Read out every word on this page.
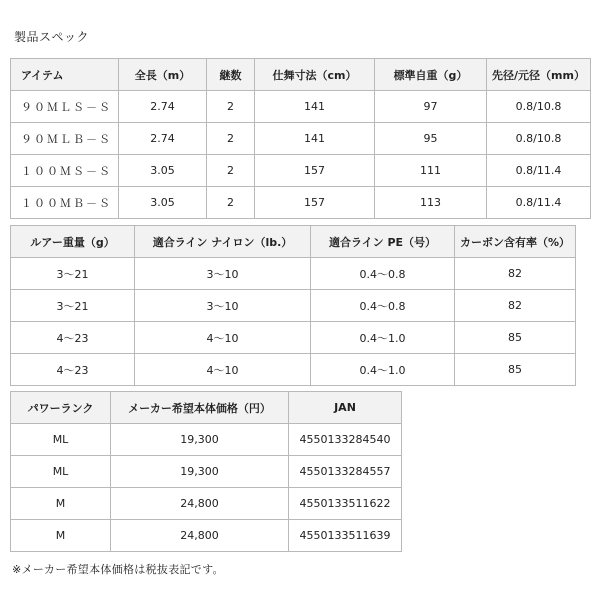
製品スペック
アイテム	全長（m）	継数	仕舞寸法（cm）	標準自重（g）	先径/元径（mm）
９０ＭＬＳ－Ｓ	2.74	2	141	97	0.8/10.8
９０ＭＬＢ－Ｓ	2.74	2	141	95	0.8/10.8
１００ＭＳ－Ｓ	3.05	2	157	111	0.8/11.4
１００ＭＢ－Ｓ	3.05	2	157	113	0.8/11.4
ルアー重量（g）	適合ライン ナイロン（lb.）	適合ライン PE（号）	カーボン含有率（%）
3～21	3～10	0.4～0.8	82
3～21	3～10	0.4～0.8	82
4～23	4～10	0.4～1.0	85
4～23	4～10	0.4～1.0	85
パワーランク	メーカー希望本体価格（円）	JAN
ML	19,300	4550133284540
ML	19,300	4550133284557
M	24,800	4550133511622
M	24,800	4550133511639
※メーカー希望本体価格は税抜表記です。
